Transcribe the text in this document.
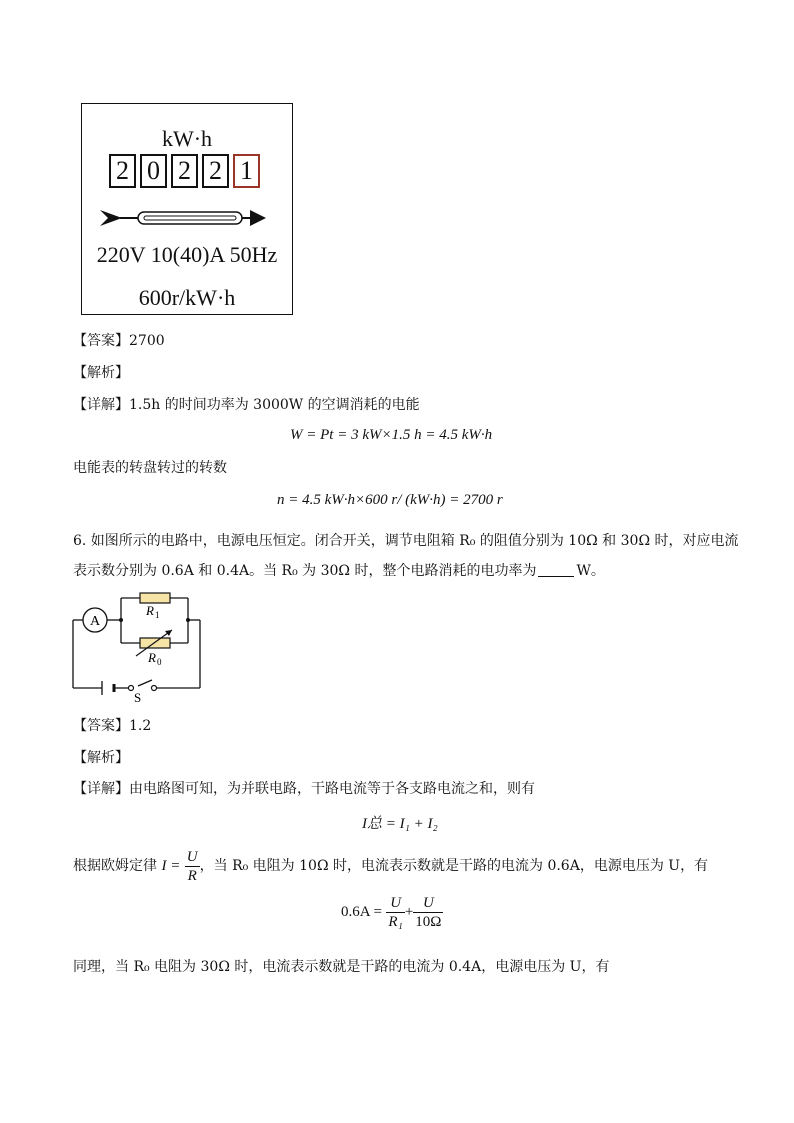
kW·h
2 0 2 2 1
220V 10(40)A 50Hz
600r/kW·h
【答案】2700
【解析】
【详解】1.5h 的时间功率为 3000W 的空调消耗的电能
W = Pt = 3 kW×1.5 h = 4.5 kW·h
电能表的转盘转过的转数
n = 4.5 kW·h×600 r/ (kW·h) = 2700 r
6. 如图所示的电路中，电源电压恒定。闭合开关，调节电阻箱 R₀ 的阻值分别为 10Ω 和 30Ω 时，对应电流
表示数分别为 0.6A 和 0.4A。当 R₀ 为 30Ω 时，整个电路消耗的电功率为	W。
A
R 1
R 0
S
【答案】1.2
【解析】
【详解】由电路图可知，为并联电路，干路电流等于各支路电流之和，则有
I总 = I₁ + I₂
根据欧姆定律 $I = \frac{U}{R}$ ，当 R₀ 电阻为 10Ω 时，电流表示数就是干路的电流为 0.6A，电源电压为 U，有
$0.6A = \frac{U}{\text{R₁}} + \frac{U}{10\Omega}$
同理，当 R₀ 电阻为 30Ω 时，电流表示数就是干路的电流为 0.4A，电源电压为 U，有
